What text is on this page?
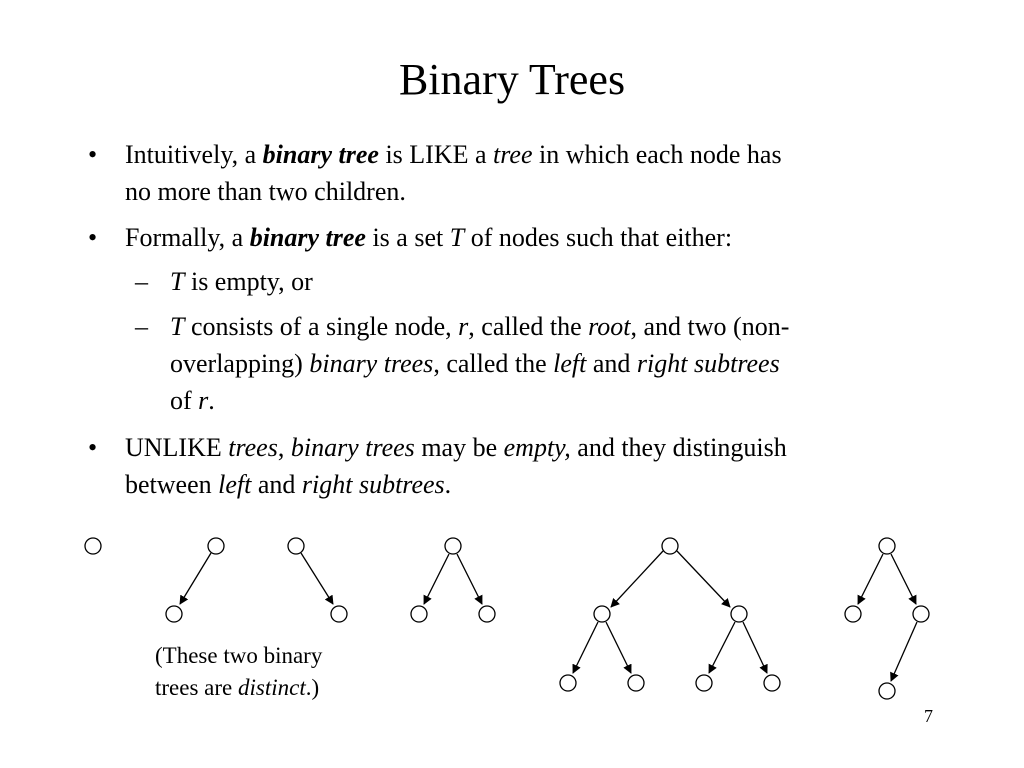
Binary Trees
• Intuitively, a binary tree is LIKE a tree in which each node has
no more than two children.
• Formally, a binary tree is a set T of nodes such that either:
– T is empty, or
– T consists of a single node, r, called the root, and two (non-
overlapping) binary trees, called the left and right subtrees
of r.
• UNLIKE trees, binary trees may be empty, and they distinguish
between left and right subtrees.
(These two binary
trees are distinct.)
7
